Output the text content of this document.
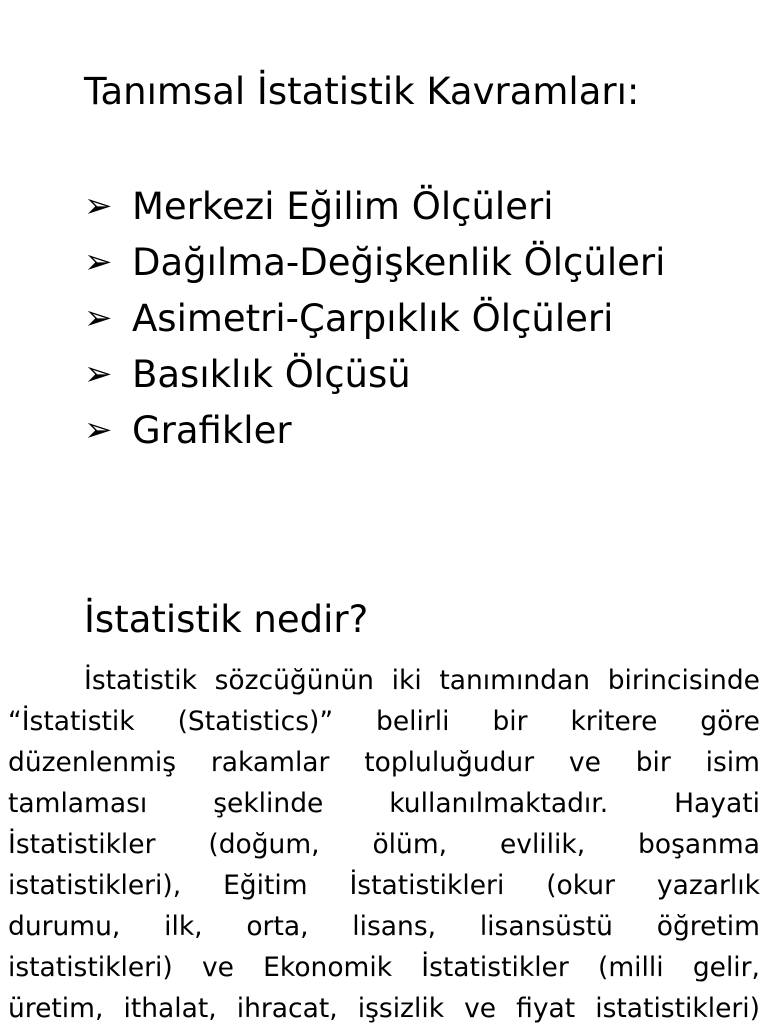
Tanımsal İstatistik Kavramları:
➢ Merkezi Eğilim Ölçüleri
➢ Dağılma-Değişkenlik Ölçüleri
➢ Asimetri-Çarpıklık Ölçüleri
➢ Basıklık Ölçüsü
➢ Grafikler
İstatistik nedir?
İstatistik sözcüğünün iki tanımından birincisinde
“İstatistik (Statistics)” belirli bir kritere göre
düzenlenmiş rakamlar topluluğudur ve bir isim
tamlaması şeklinde kullanılmaktadır. Hayati
İstatistikler (doğum, ölüm, evlilik, boşanma
istatistikleri), Eğitim İstatistikleri (okur yazarlık
durumu, ilk, orta, lisans, lisansüstü öğretim
istatistikleri) ve Ekonomik İstatistikler (milli gelir,
üretim, ithalat, ihracat, işsizlik ve fiyat istatistikleri)
